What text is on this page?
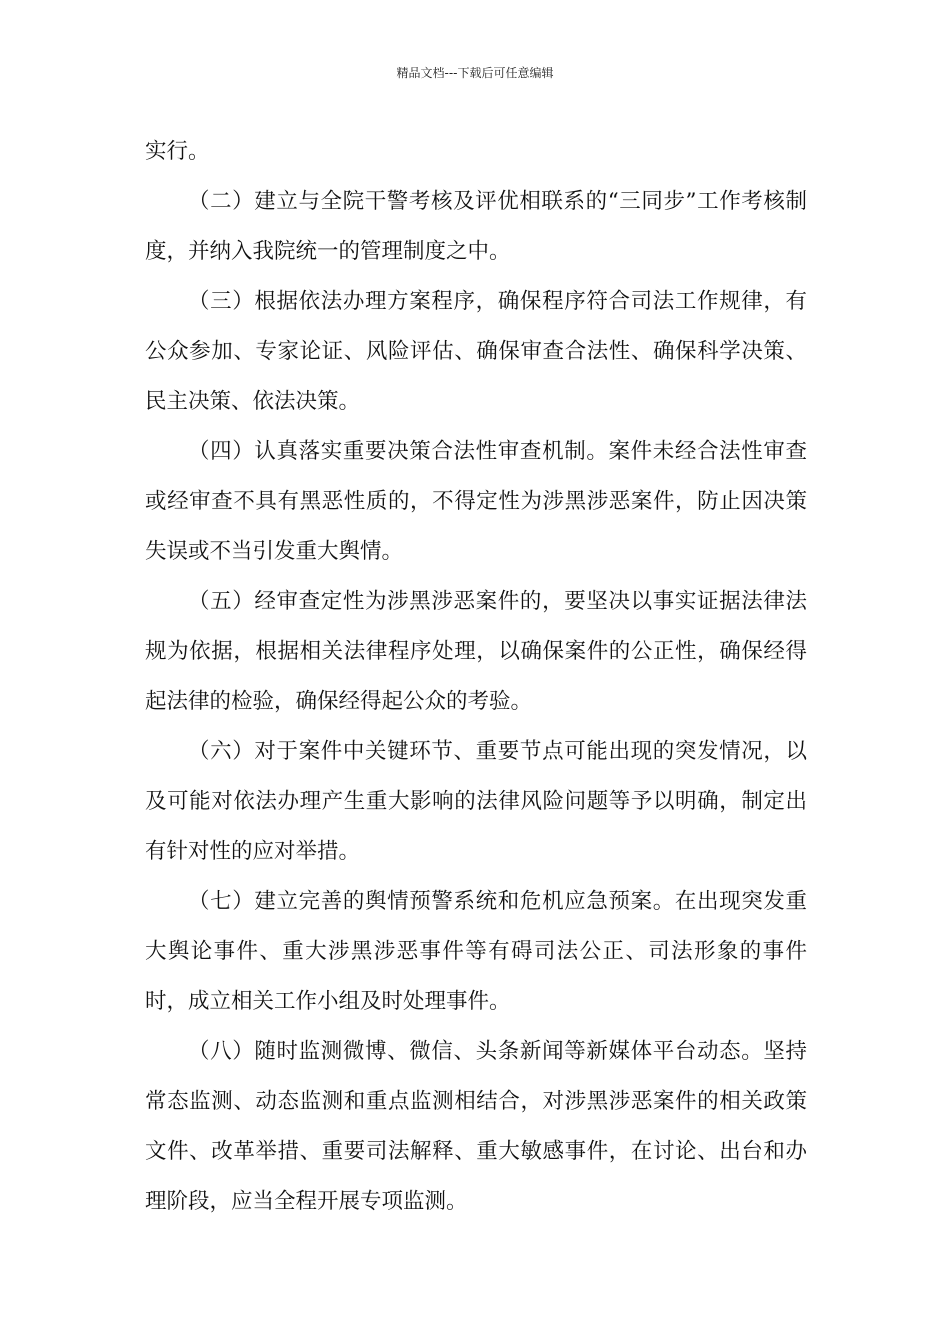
精品文档---下载后可任意编辑

实行。

（二）建立与全院干警考核及评优相联系的“三同步”工作考核制度，并纳入我院统一的管理制度之中。

（三）根据依法办理方案程序，确保程序符合司法工作规律，有公众参加、专家论证、风险评估、确保审查合法性、确保科学决策、民主决策、依法决策。

（四）认真落实重要决策合法性审查机制。案件未经合法性审查或经审查不具有黑恶性质的，不得定性为涉黑涉恶案件，防止因决策失误或不当引发重大舆情。

（五）经审查定性为涉黑涉恶案件的，要坚决以事实证据法律法规为依据，根据相关法律程序处理，以确保案件的公正性，确保经得起法律的检验，确保经得起公众的考验。

（六）对于案件中关键环节、重要节点可能出现的突发情况，以及可能对依法办理产生重大影响的法律风险问题等予以明确，制定出有针对性的应对举措。

（七）建立完善的舆情预警系统和危机应急预案。在出现突发重大舆论事件、重大涉黑涉恶事件等有碍司法公正、司法形象的事件时，成立相关工作小组及时处理事件。

（八）随时监测微博、微信、头条新闻等新媒体平台动态。坚持常态监测、动态监测和重点监测相结合，对涉黑涉恶案件的相关政策文件、改革举措、重要司法解释、重大敏感事件，在讨论、出台和办理阶段，应当全程开展专项监测。
